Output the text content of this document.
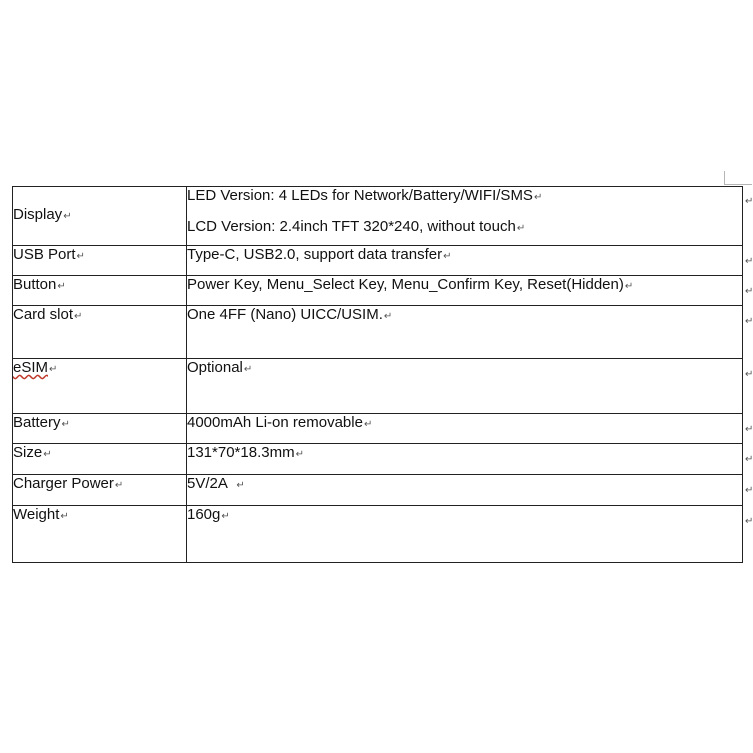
Display↵	LED Version: 4 LEDs for Network/Battery/WIFI/SMS↵
LCD Version: 2.4inch TFT 320*240, without touch↵

USB Port↵	Type-C, USB2.0, support data transfer↵
Button↵	Power Key, Menu_Select Key, Menu_Confirm Key, Reset(Hidden)↵
Card slot↵	One 4FF (Nano) UICC/USIM.↵
eSIM↵	Optional↵
Battery↵	4000mAh Li-on removable↵
Size↵	131*70*18.3mm↵
Charger Power↵	5V/2A  ↵
Weight↵	160g↵
↵
↵
↵
↵
↵
↵
↵
↵
↵
